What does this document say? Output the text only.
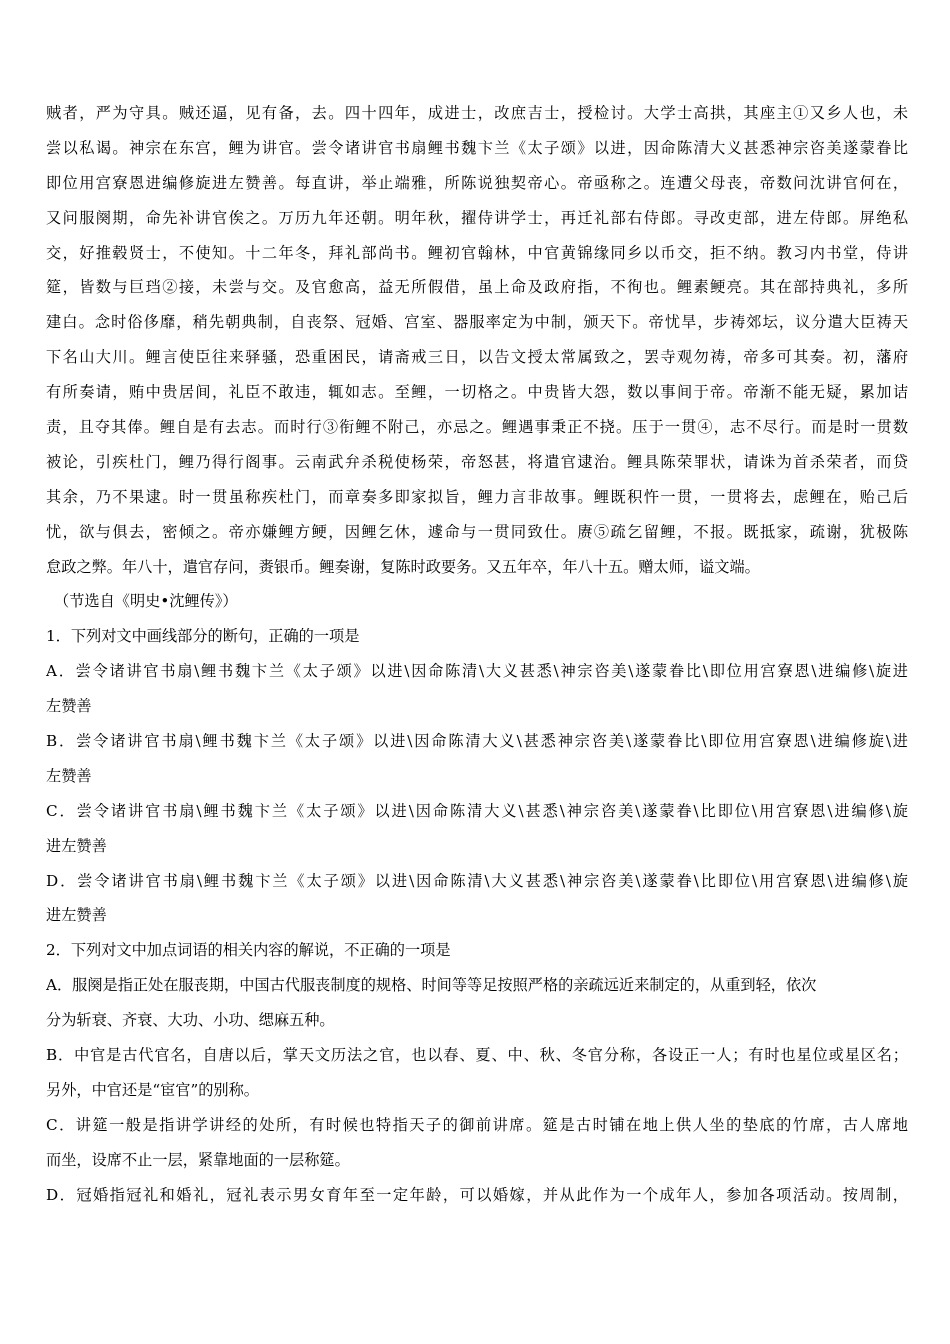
贼者，严为守具。贼还逼，见有备，去。四十四年，成进士，改庶吉士，授检讨。大学士高拱，其座主①又乡人也，未
尝以私谒。神宗在东宫，鲤为讲官。尝令诸讲官书扇鲤书魏卞兰《太子颂》以进，因命陈清大义甚悉神宗咨美遂蒙眷比
即位用宫寮恩进编修旋进左赞善。每直讲，举止端雅，所陈说独契帝心。帝亟称之。连遭父母丧，帝数问沈讲官何在，
又问服阕期，命先补讲官俟之。万历九年还朝。明年秋，擢侍讲学士，再迁礼部右侍郎。寻改吏部，进左侍郎。屏绝私
交，好推毂贤士，不使知。十二年冬，拜礼部尚书。鲤初官翰林，中官黄锦缘同乡以币交，拒不纳。教习内书堂，侍讲
筵，皆数与巨珰②接，未尝与交。及官愈高，益无所假借，虽上命及政府指，不徇也。鲤素鲠亮。其在部持典礼，多所
建白。念时俗侈靡，稍先朝典制，自丧祭、冠婚、宫室、器服率定为中制，颁天下。帝忧旱，步祷郊坛，议分遣大臣祷天
下名山大川。鲤言使臣往来驿骚，恐重困民，请斋戒三日，以告文授太常属致之，罢寺观勿祷，帝多可其奏。初，藩府
有所奏请，贿中贵居间，礼臣不敢违，辄如志。至鲤，一切格之。中贵皆大怨，数以事间于帝。帝渐不能无疑，累加诘
责，且夺其俸。鲤自是有去志。而时行③衔鲤不附己，亦忌之。鲤遇事秉正不挠。压于一贯④，志不尽行。而是时一贯数
被论，引疾杜门，鲤乃得行阁事。云南武弁杀税使杨荣，帝怒甚，将遣官逮治。鲤具陈荣罪状，请诛为首杀荣者，而贷
其余，乃不果逮。时一贯虽称疾杜门，而章奏多即家拟旨，鲤力言非故事。鲤既积忤一贯，一贯将去，虑鲤在，贻己后
忧，欲与俱去，密倾之。帝亦嫌鲤方鲠，因鲤乞休，遽命与一贯同致仕。赓⑤疏乞留鲤，不报。既抵家，疏谢，犹极陈
怠政之弊。年八十，遣官存问，赉银币。鲤奏谢，复陈时政要务。又五年卒，年八十五。赠太师，谥文端。
（节选自《明史•沈鲤传》）
1．下列对文中画线部分的断句，正确的一项是
A．尝令诸讲官书扇\鲤书魏卞兰《太子颂》以进\因命陈清\大义甚悉\神宗咨美\遂蒙眷比\即位用宫寮恩\进编修\旋进
左赞善
B．尝令诸讲官书扇\鲤书魏卞兰《太子颂》以进\因命陈清大义\甚悉神宗咨美\遂蒙眷比\即位用宫寮恩\进编修旋\进
左赞善
C．尝令诸讲官书扇\鲤书魏卞兰《太子颂》以进\因命陈清大义\甚悉\神宗咨美\遂蒙眷\比即位\用宫寮恩\进编修\旋
进左赞善
D．尝令诸讲官书扇\鲤书魏卞兰《太子颂》以进\因命陈清\大义甚悉\神宗咨美\遂蒙眷\比即位\用宫寮恩\进编修\旋
进左赞善
2．下列对文中加点词语的相关内容的解说，不正确的一项是
A．服阕是指正处在服丧期，中国古代服丧制度的规格、时间等等足按照严格的亲疏远近来制定的，从重到轻，依次
分为斩衰、齐衰、大功、小功、缌麻五种。
B．中官是古代官名，自唐以后，掌天文历法之官，也以春、夏、中、秋、冬官分称，各设正一人；有时也星位或星区名；
另外，中官还是“宦官”的别称。
C．讲筵一般是指讲学讲经的处所，有时候也特指天子的御前讲席。筵是古时铺在地上供人坐的垫底的竹席，古人席地
而坐，设席不止一层，紧靠地面的一层称筵。
D．冠婚指冠礼和婚礼，冠礼表示男女育年至一定年龄，可以婚嫁，并从此作为一个成年人，参加各项活动。按周制，
